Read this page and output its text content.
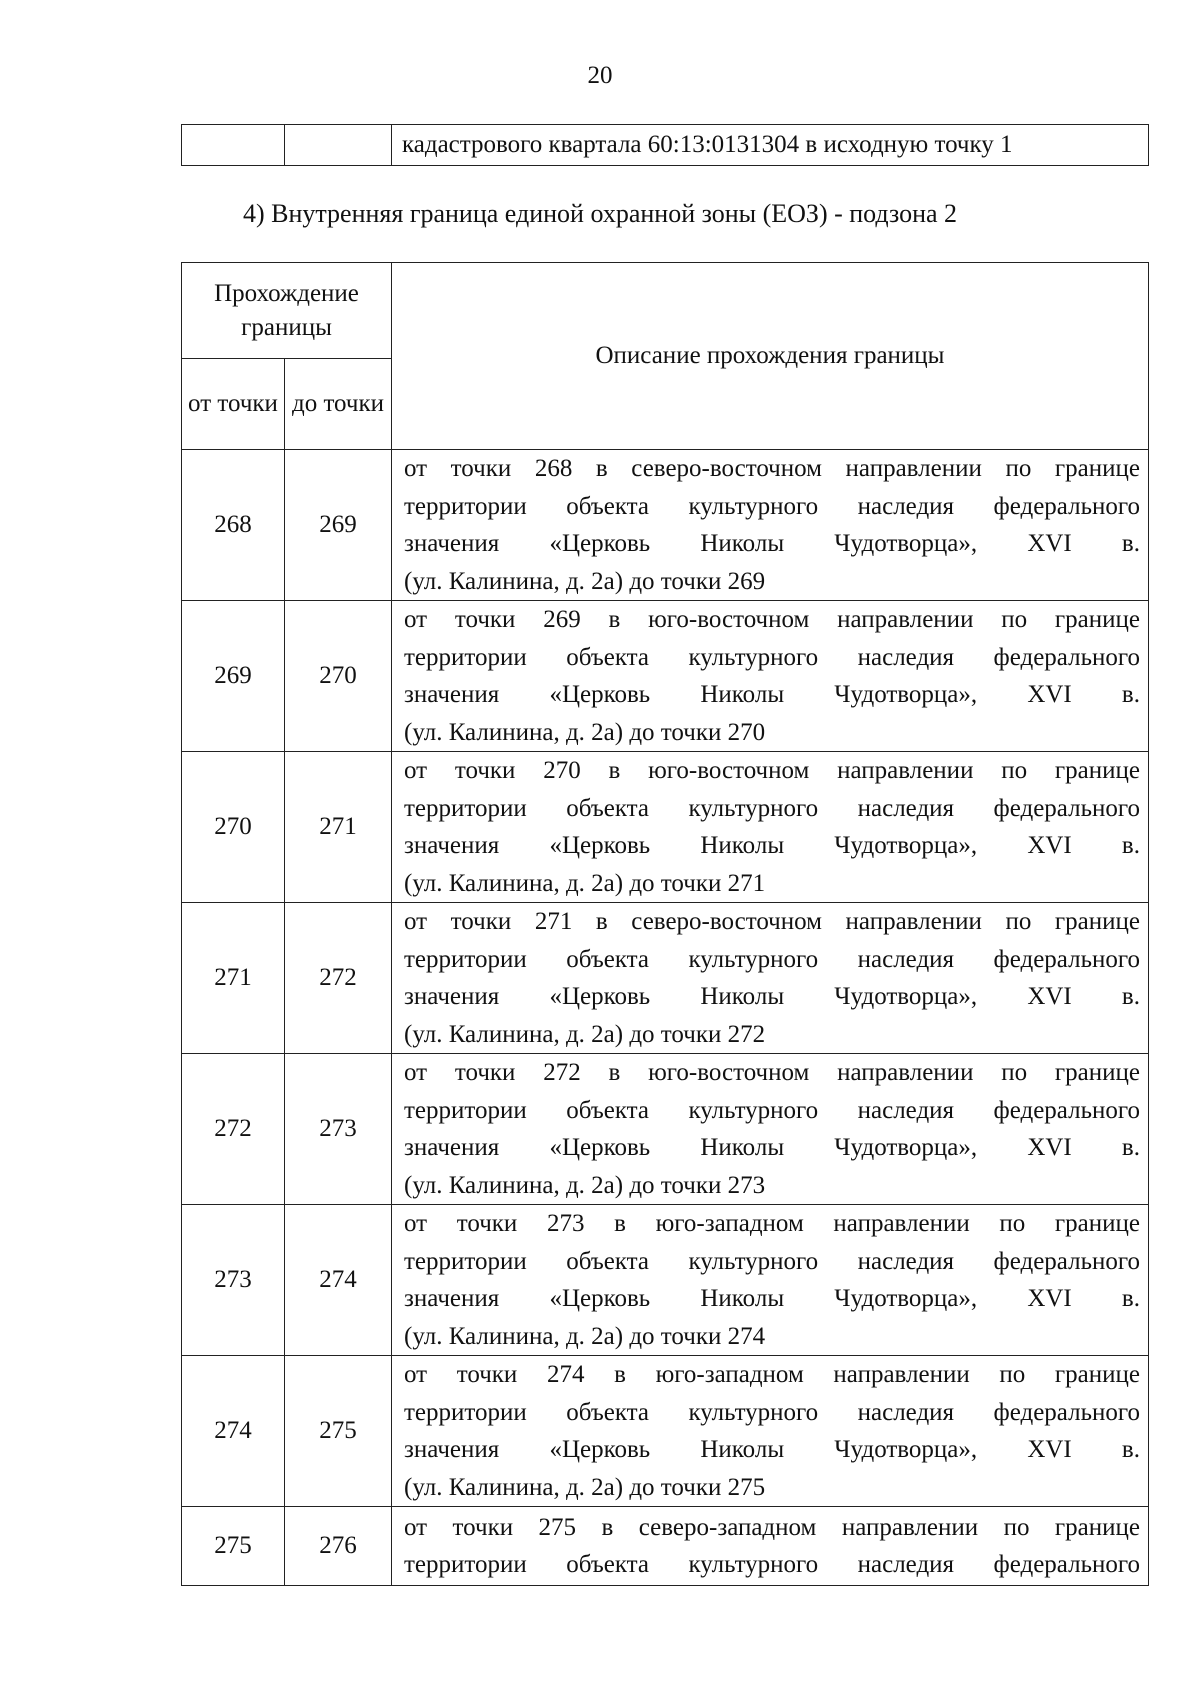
20
		кадастрового квартала 60:13:0131304 в исходную точку 1
4) Внутренняя граница единой охранной зоны (ЕОЗ) - подзона 2
Прохождение границы		Описание прохождения границы
от точки	до точки	
268	269	от точки 268 в северо-восточном направлении по границе
территории объекта культурного наследия федерального
значения «Церковь Николы Чудотворца», XVI в.
(ул. Калинина, д. 2а) до точки 269

269	270	от точки 269 в юго-восточном направлении по границе
территории объекта культурного наследия федерального
значения «Церковь Николы Чудотворца», XVI в.
(ул. Калинина, д. 2а) до точки 270

270	271	от точки 270 в юго-восточном направлении по границе
территории объекта культурного наследия федерального
значения «Церковь Николы Чудотворца», XVI в.
(ул. Калинина, д. 2а) до точки 271

271	272	от точки 271 в северо-восточном направлении по границе
территории объекта культурного наследия федерального
значения «Церковь Николы Чудотворца», XVI в.
(ул. Калинина, д. 2а) до точки 272

272	273	от точки 272 в юго-восточном направлении по границе
территории объекта культурного наследия федерального
значения «Церковь Николы Чудотворца», XVI в.
(ул. Калинина, д. 2а) до точки 273

273	274	от точки 273 в юго-западном направлении по границе
территории объекта культурного наследия федерального
значения «Церковь Николы Чудотворца», XVI в.
(ул. Калинина, д. 2а) до точки 274

274	275	от точки 274 в юго-западном направлении по границе
территории объекта культурного наследия федерального
значения «Церковь Николы Чудотворца», XVI в.
(ул. Калинина, д. 2а) до точки 275

275	276	от точки 275 в северо-западном направлении по границе
территории объекта культурного наследия федерального
